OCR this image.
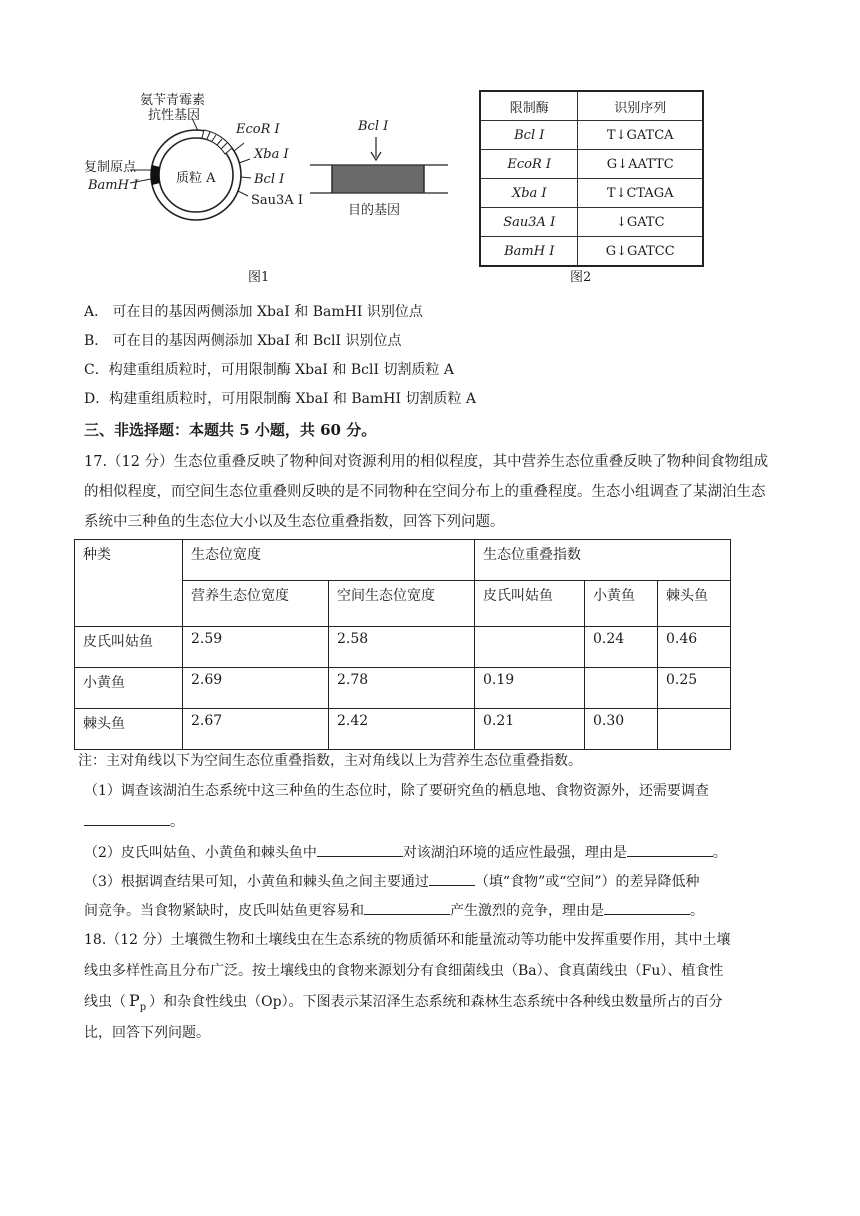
氨苄青霉素
抗性基因
EcoR Ⅰ
Xba Ⅰ
Bcl Ⅰ
Sau3A Ⅰ
复制原点
BamH Ⅰ	质粒 A
Bcl Ⅰ
目的基因
图1
限制酶	识别序列
Bcl Ⅰ	T↓GATCA
EcoR Ⅰ	G↓AATTC
Xba Ⅰ	T↓CTAGA
Sau3A Ⅰ	↓GATC
BamH Ⅰ	G↓GATCC
图2
A． 可在目的基因两侧添加 XbaI 和 BamHI 识别位点
B． 可在目的基因两侧添加 XbaI 和 BclI 识别位点
C．构建重组质粒时，可用限制酶 XbaI 和 BclI 切割质粒 A
D．构建重组质粒时，可用限制酶 XbaI 和 BamHI 切割质粒 A
三、非选择题：本题共 5 小题，共 60 分。
17.（12 分）生态位重叠反映了物种间对资源利用的相似程度，其中营养生态位重叠反映了物种间食物组成的相似程度，而空间生态位重叠则反映的是不同物种在空间分布上的重叠程度。生态小组调查了某湖泊生态系统中三种鱼的生态位大小以及生态位重叠指数，回答下列问题。
种类	生态位宽度		生态位重叠指数		
	营养生态位宽度	空间生态位宽度	皮氏叫姑鱼	小黄鱼	棘头鱼
皮氏叫姑鱼	2.59	2.58		0.24	0.46
小黄鱼	2.69	2.78	0.19		0.25
棘头鱼	2.67	2.42	0.21	0.30	
注：主对角线以下为空间生态位重叠指数，主对角线以上为营养生态位重叠指数。
（1）调查该湖泊生态系统中这三种鱼的生态位时，除了要研究鱼的栖息地、食物资源外，还需要调查
。
（2）皮氏叫姑鱼、小黄鱼和棘头鱼中	对该湖泊环境的适应性最强，理由是	。
（3）根据调查结果可知，小黄鱼和棘头鱼之间主要通过	（填“食物”或“空间”）的差异降低种
间竞争。当食物紧缺时，皮氏叫姑鱼更容易和	产生激烈的竞争，理由是	。
18.（12 分）土壤微生物和土壤线虫在生态系统的物质循环和能量流动等功能中发挥重要作用，其中土壤
线虫多样性高且分布广泛。按土壤线虫的食物来源划分有食细菌线虫（Ba）、食真菌线虫（Fu）、植食性
线虫（ $P_p$ ）和杂食性线虫（Op）。下图表示某沼泽生态系统和森林生态系统中各种线虫数量所占的百分
比，回答下列问题。
